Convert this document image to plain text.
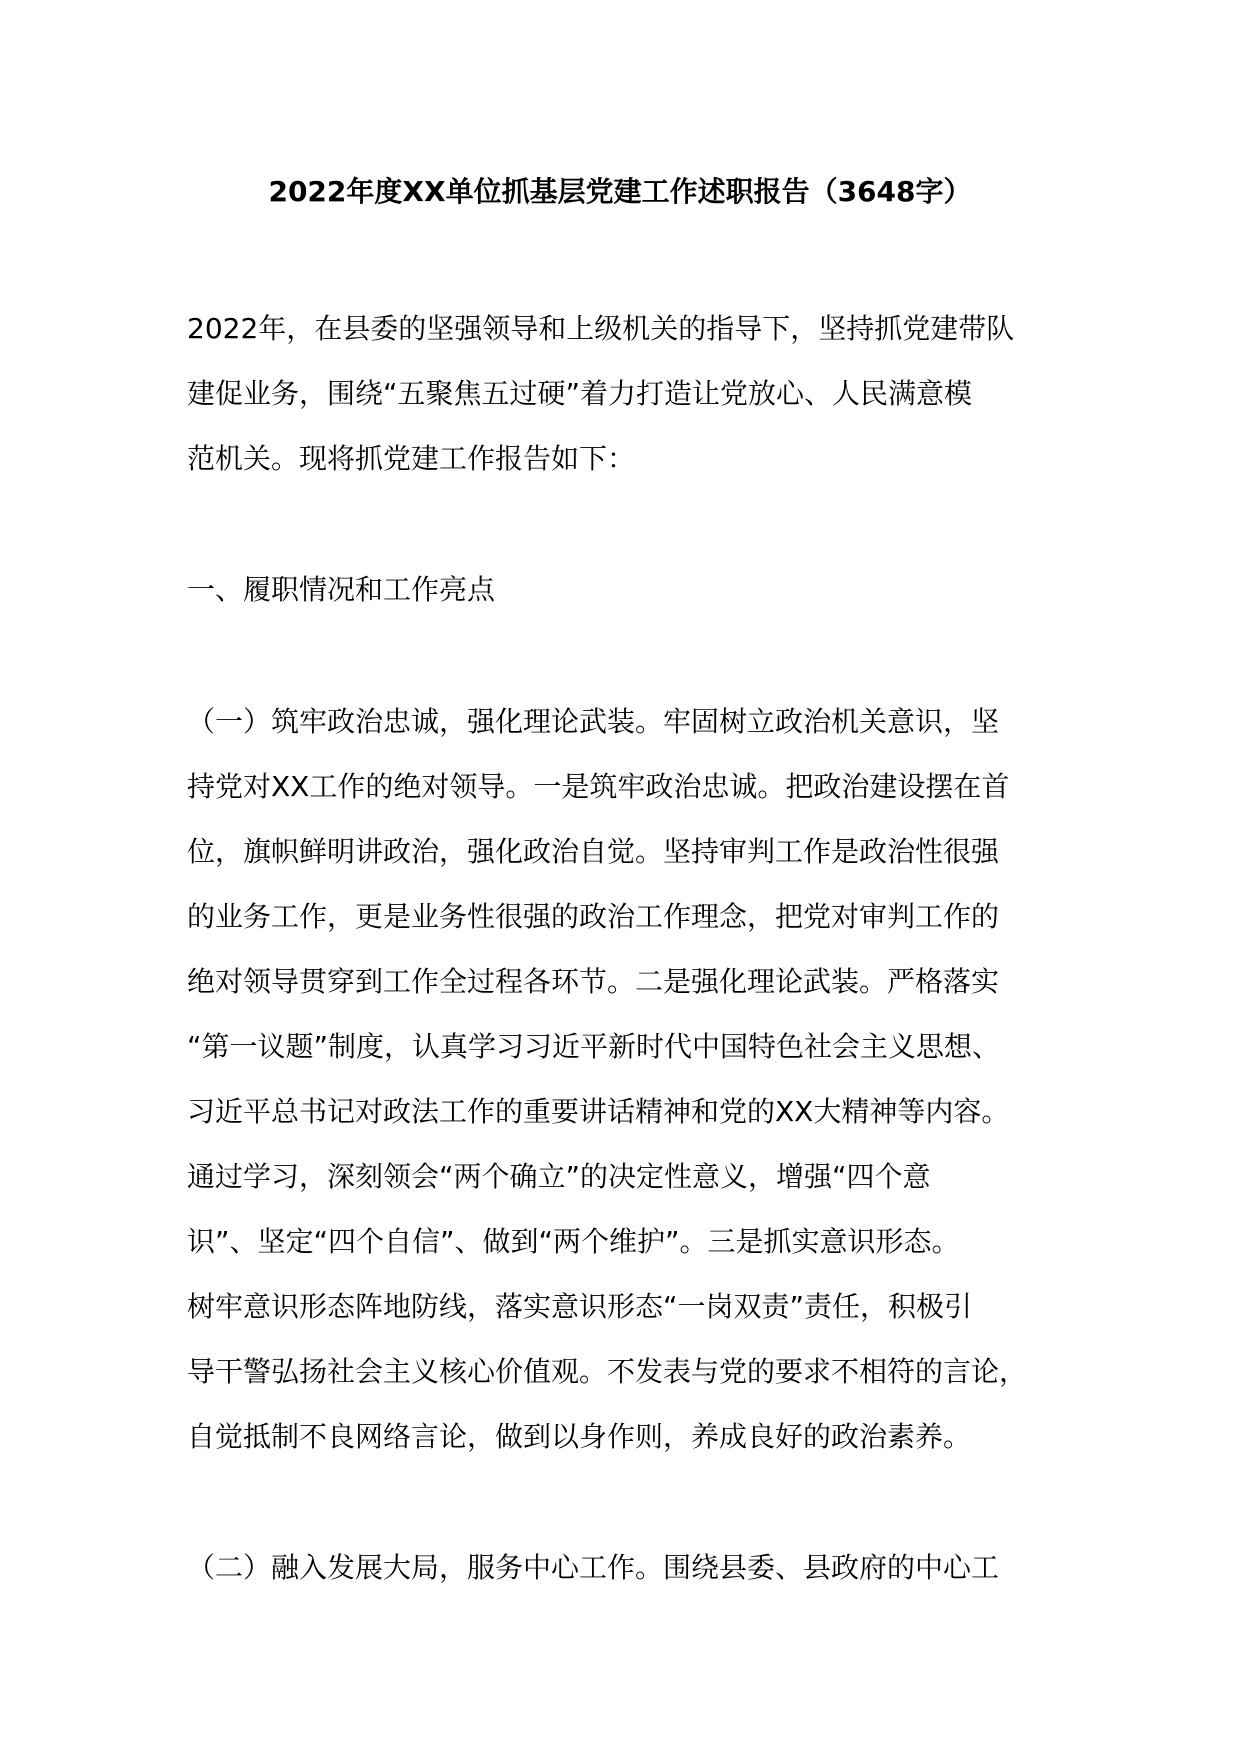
2022年度XX单位抓基层党建工作述职报告（3648字）
2022年，在县委的坚强领导和上级机关的指导下，坚持抓党建带队
建促业务，围绕“五聚焦五过硬”着力打造让党放心、人民满意模
范机关。现将抓党建工作报告如下：
一、履职情况和工作亮点
（一）筑牢政治忠诚，强化理论武装。牢固树立政治机关意识，坚
持党对XX工作的绝对领导。一是筑牢政治忠诚。把政治建设摆在首
位，旗帜鲜明讲政治，强化政治自觉。坚持审判工作是政治性很强
的业务工作，更是业务性很强的政治工作理念，把党对审判工作的
绝对领导贯穿到工作全过程各环节。二是强化理论武装。严格落实
“第一议题”制度，认真学习习近平新时代中国特色社会主义思想、
习近平总书记对政法工作的重要讲话精神和党的XX大精神等内容。
通过学习，深刻领会“两个确立”的决定性意义，增强“四个意
识”、坚定“四个自信”、做到“两个维护”。三是抓实意识形态。
树牢意识形态阵地防线，落实意识形态“一岗双责”责任，积极引
导干警弘扬社会主义核心价值观。不发表与党的要求不相符的言论，
自觉抵制不良网络言论，做到以身作则，养成良好的政治素养。
（二）融入发展大局，服务中心工作。围绕县委、县政府的中心工
